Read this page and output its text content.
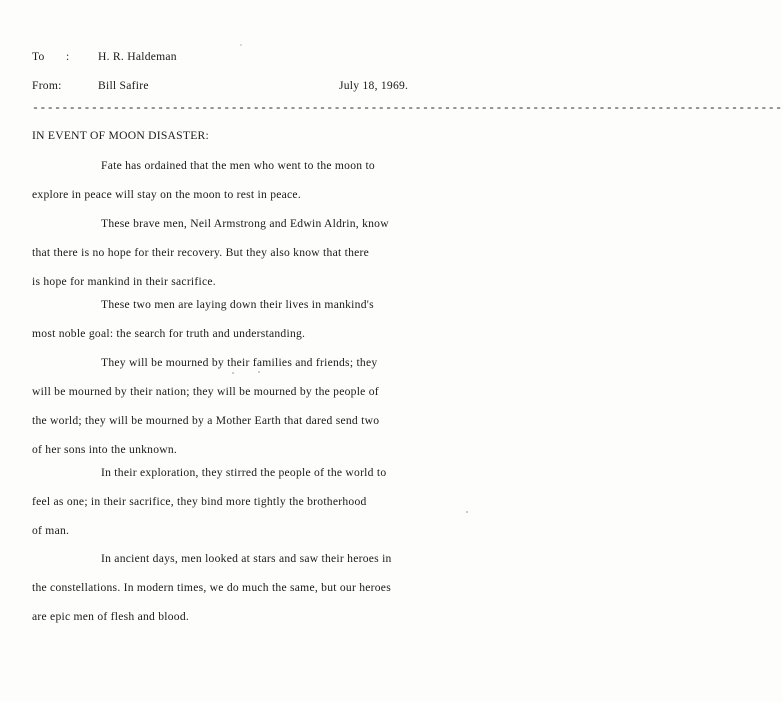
To : H. R. Haldeman
From:	Bill Safire	July 18, 1969.
------------------------------------------------------------------------------------------------------
IN EVENT OF MOON DISASTER:
Fate has ordained that the men who went to the moon to
explore in peace will stay on the moon to rest in peace.
These brave men, Neil Armstrong and Edwin Aldrin, know
that there is no hope for their recovery. But they also know that there
is hope for mankind in their sacrifice.
These two men are laying down their lives in mankind's
most noble goal: the search for truth and understanding.
They will be mourned by their families and friends; they
will be mourned by their nation; they will be mourned by the people of
the world; they will be mourned by a Mother Earth that dared send two
of her sons into the unknown.
In their exploration, they stirred the people of the world to
feel as one; in their sacrifice, they bind more tightly the brotherhood
of man.
In ancient days, men looked at stars and saw their heroes in
the constellations. In modern times, we do much the same, but our heroes
are epic men of flesh and blood.
